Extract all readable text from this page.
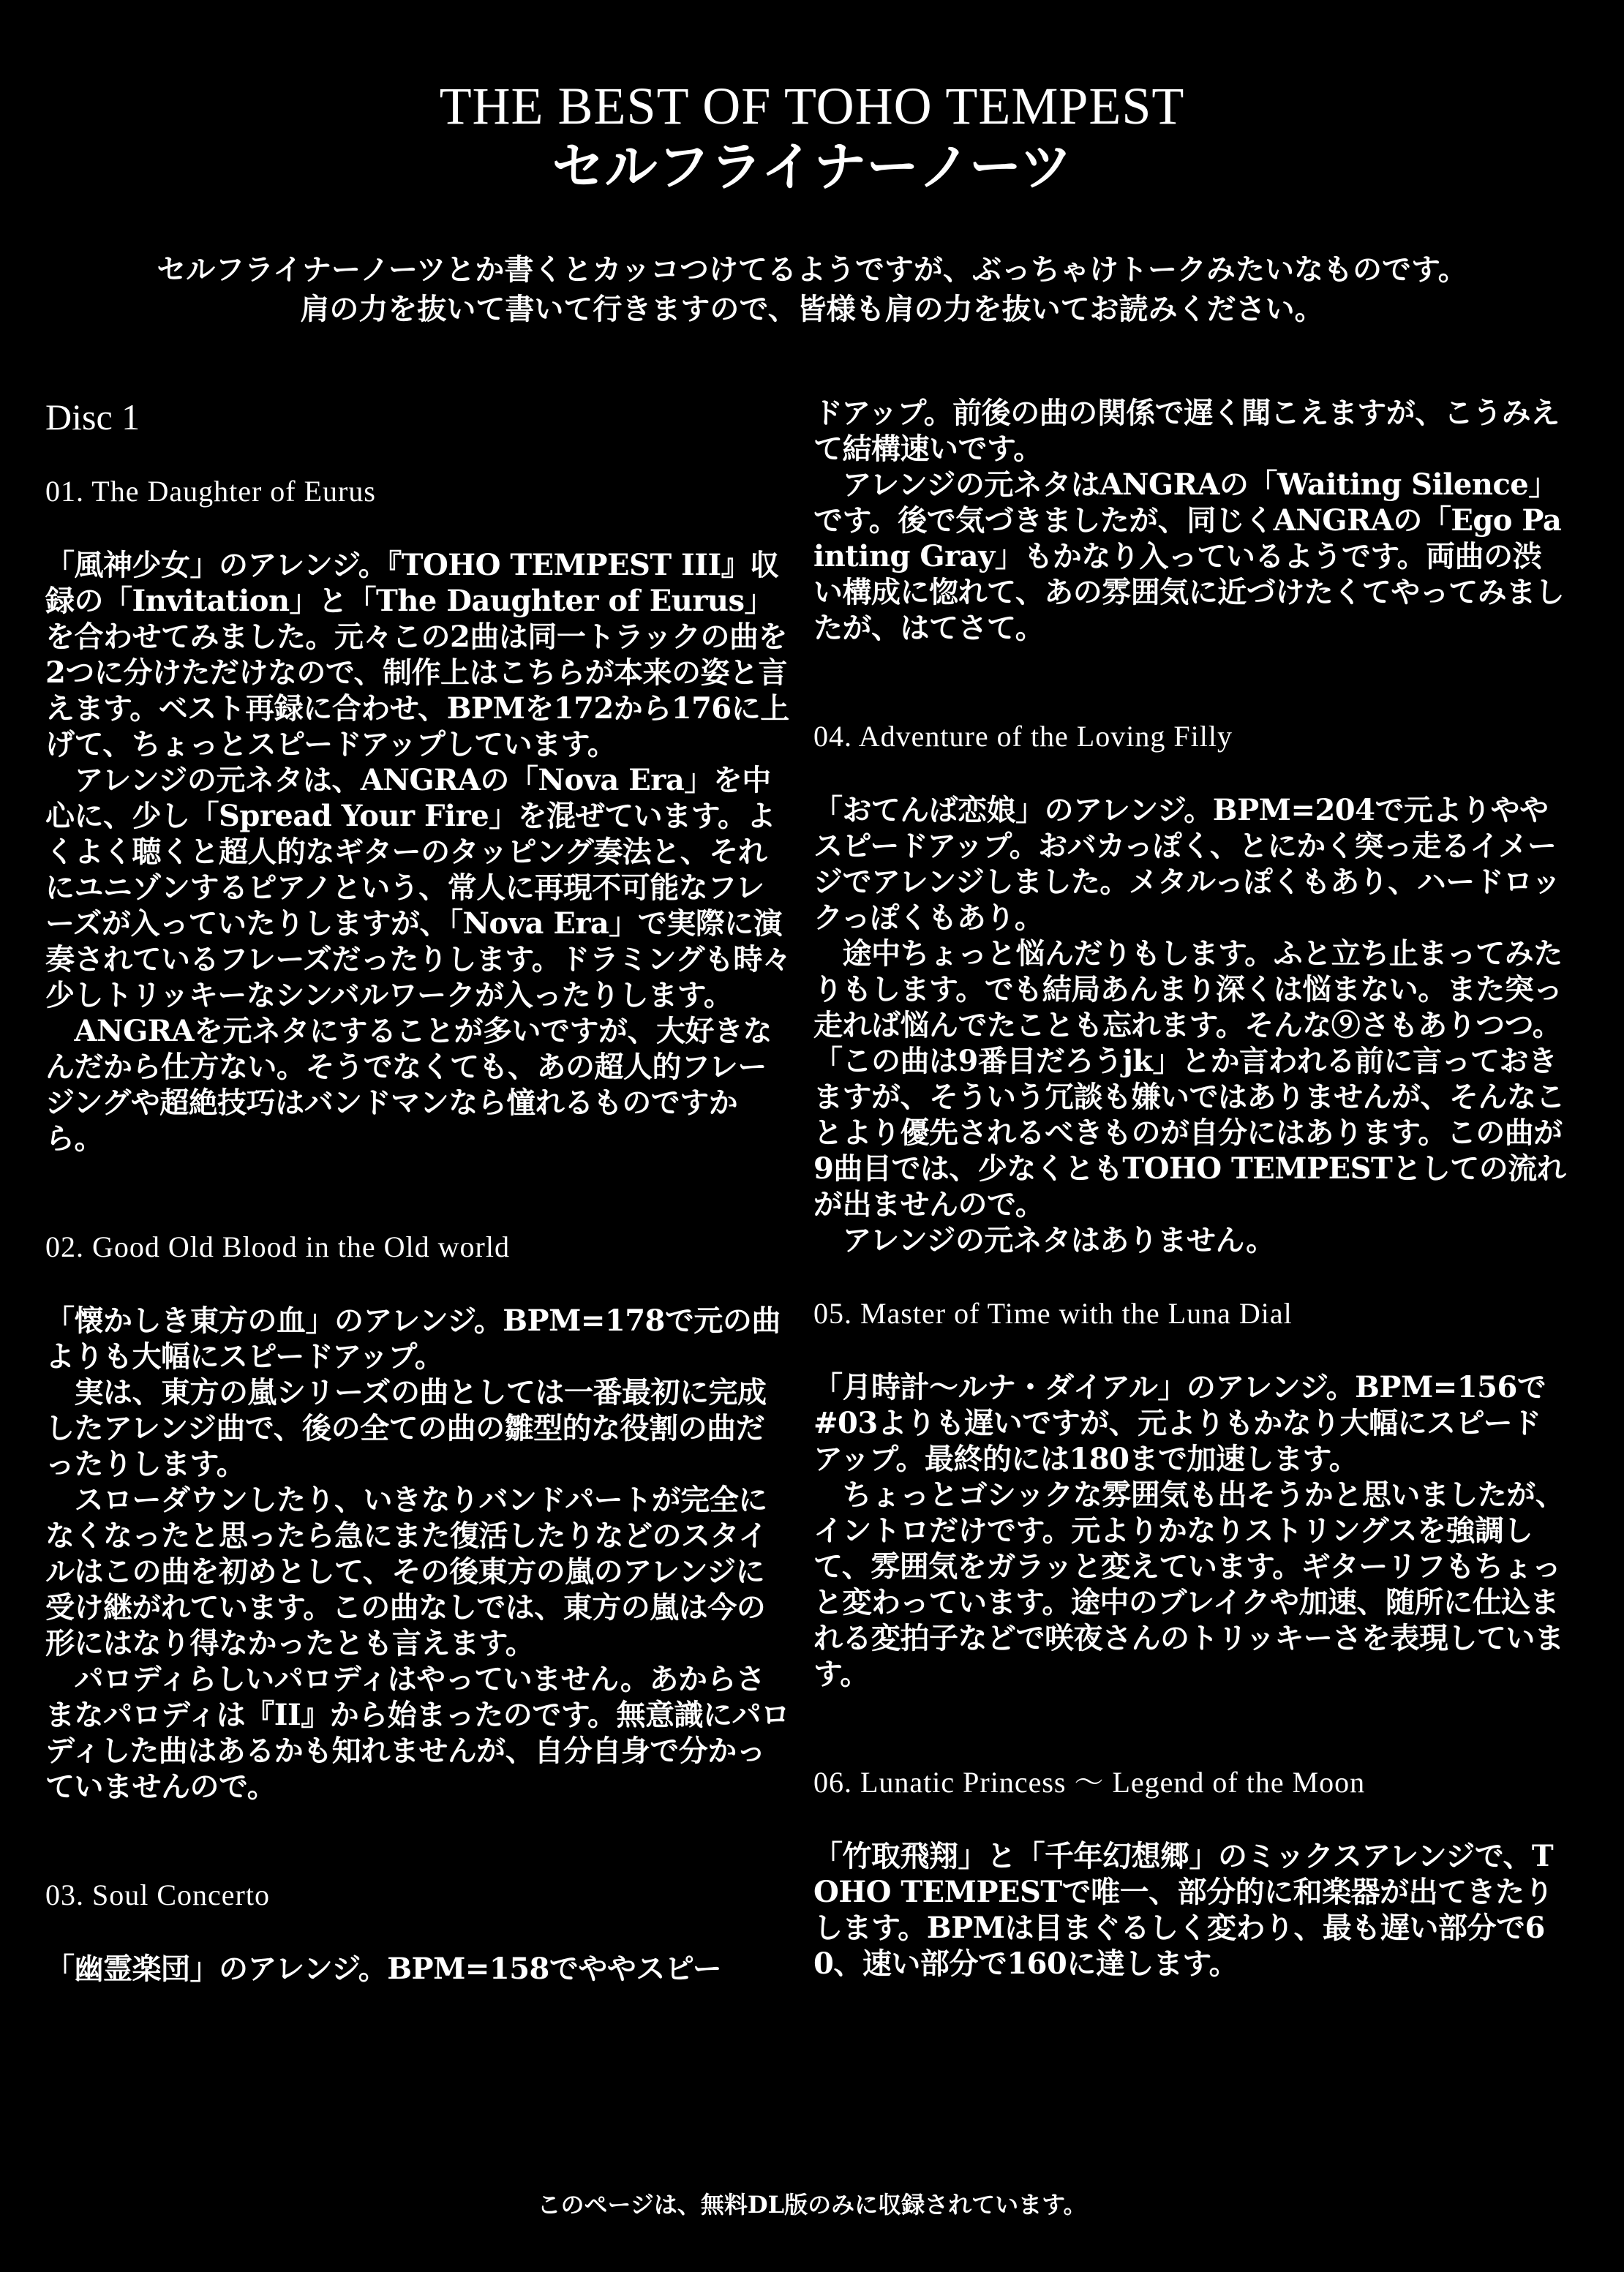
THE BEST OF TOHO TEMPEST
セルフライナーノーツ
セルフライナーノーツとか書くとカッコつけてるようですが、ぶっちゃけトークみたいなものです。
肩の力を抜いて書いて行きますので、皆様も肩の力を抜いてお読みください。
Disc 1
01. The Daughter of Eurus
「風神少女」のアレンジ。『TOHO TEMPEST III』収録の「Invitation」と「The Daughter of Eurus」を合わせてみました。元々この2曲は同一トラックの曲を2つに分けただけなので、制作上はこちらが本来の姿と言えます。ベスト再録に合わせ、BPMを172から176に上げて、ちょっとスピードアップしています。
　アレンジの元ネタは、ANGRAの「Nova Era」を中心に、少し「Spread Your Fire」を混ぜています。よくよく聴くと超人的なギターのタッピング奏法と、それにユニゾンするピアノという、常人に再現不可能なフレーズが入っていたりしますが、「Nova Era」で実際に演奏されているフレーズだったりします。ドラミングも時々少しトリッキーなシンバルワークが入ったりします。
　ANGRAを元ネタにすることが多いですが、大好きなんだから仕方ない。そうでなくても、あの超人的フレージングや超絶技巧はバンドマンなら憧れるものですから。
02. Good Old Blood in the Old world
「懐かしき東方の血」のアレンジ。BPM=178で元の曲よりも大幅にスピードアップ。
　実は、東方の嵐シリーズの曲としては一番最初に完成したアレンジ曲で、後の全ての曲の雛型的な役割の曲だったりします。
　スローダウンしたり、いきなりバンドパートが完全になくなったと思ったら急にまた復活したりなどのスタイルはこの曲を初めとして、その後東方の嵐のアレンジに受け継がれています。この曲なしでは、東方の嵐は今の形にはなり得なかったとも言えます。
　パロディらしいパロディはやっていません。あからさまなパロディは『II』から始まったのです。無意識にパロディした曲はあるかも知れませんが、自分自身で分かっていませんので。
03. Soul Concerto
「幽霊楽団」のアレンジ。BPM=158でややスピー
ドアップ。前後の曲の関係で遅く聞こえますが、こうみえて結構速いです。
　アレンジの元ネタはANGRAの「Waiting Silence」です。後で気づきましたが、同じくANGRAの「Ego Painting Gray」もかなり入っているようです。両曲の渋い構成に惚れて、あの雰囲気に近づけたくてやってみましたが、はてさて。
04. Adventure of the Loving Filly
「おてんば恋娘」のアレンジ。BPM=204で元よりややスピードアップ。おバカっぽく、とにかく突っ走るイメージでアレンジしました。メタルっぽくもあり、ハードロックっぽくもあり。
　途中ちょっと悩んだりもします。ふと立ち止まってみたりもします。でも結局あんまり深くは悩まない。また突っ走れば悩んでたことも忘れます。そんな⑨さもありつつ。
「この曲は9番目だろうjk」とか言われる前に言っておきますが、そういう冗談も嫌いではありませんが、そんなことより優先されるべきものが自分にはあります。この曲が9曲目では、少なくともTOHO TEMPESTとしての流れが出ませんので。
　アレンジの元ネタはありません。
05. Master of Time with the Luna Dial
「月時計～ルナ・ダイアル」のアレンジ。BPM=156で#03よりも遅いですが、元よりもかなり大幅にスピードアップ。最終的には180まで加速します。
　ちょっとゴシックな雰囲気も出そうかと思いましたが、イントロだけです。元よりかなりストリングスを強調して、雰囲気をガラッと変えています。ギターリフもちょっと変わっています。途中のブレイクや加速、随所に仕込まれる変拍子などで咲夜さんのトリッキーさを表現しています。
06. Lunatic Princess ～ Legend of the Moon
「竹取飛翔」と「千年幻想郷」のミックスアレンジで、TOHO TEMPESTで唯一、部分的に和楽器が出てきたりします。BPMは目まぐるしく変わり、最も遅い部分で60、速い部分で160に達します。
このページは、無料DL版のみに収録されています。
